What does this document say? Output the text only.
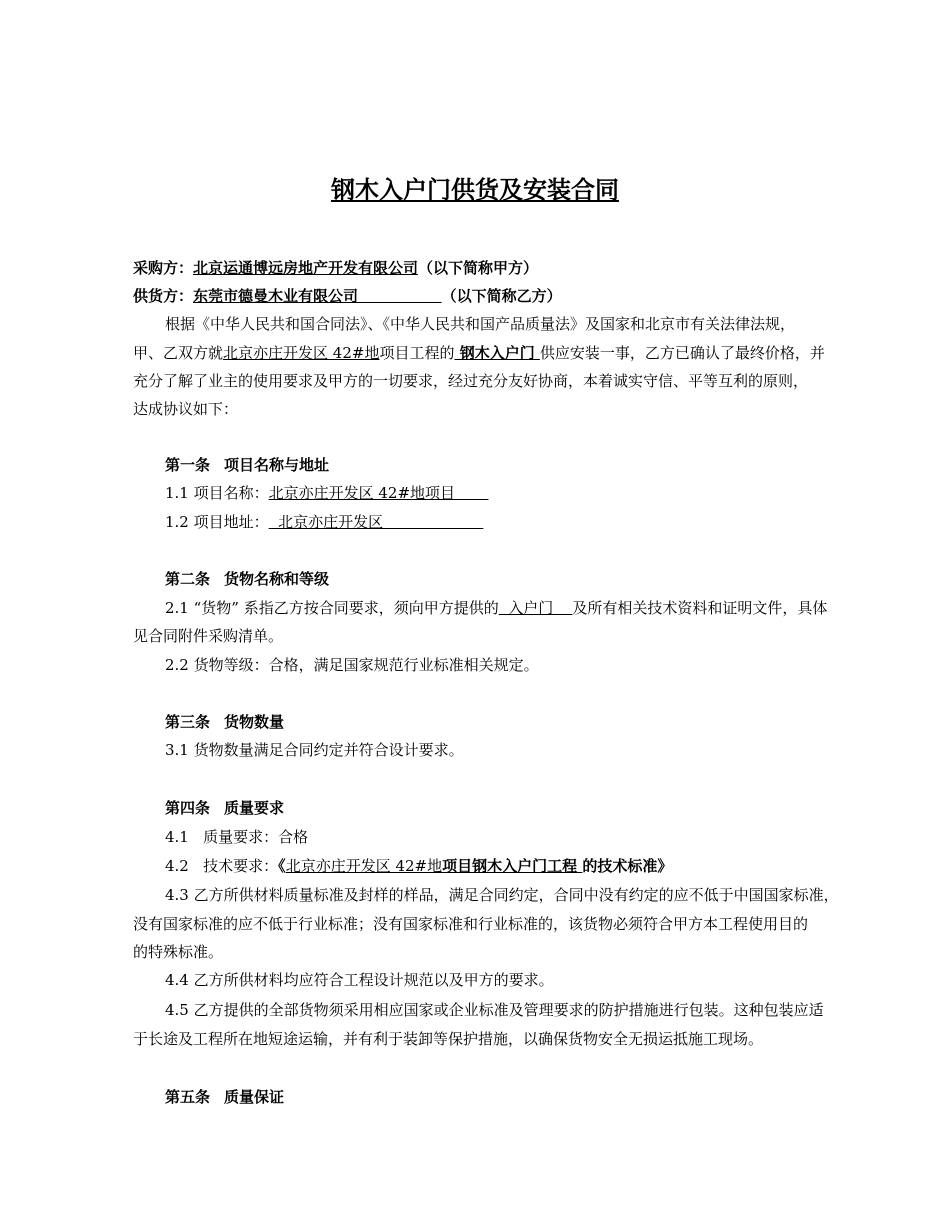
钢木入户门供货及安装合同
采购方：北京运通博远房地产开发有限公司（以下简称甲方）
供货方：东莞市德曼木业有限公司	（以下简称乙方）
根据《中华人民共和国合同法》、《中华人民共和国产品质量法》及国家和北京市有关法律法规，
甲、乙双方就北京亦庄开发区 42#地项目工程的 钢木入户门 供应安装一事，乙方已确认了最终价格，并
充分了解了业主的使用要求及甲方的一切要求，经过充分友好协商，本着诚实守信、平等互利的原则，
达成协议如下：
第一条 项目名称与地址
1.1 项目名称：北京亦庄开发区 42#地项目
1.2 项目地址：  北京亦庄开发区
第二条 货物名称和等级
2.1 “货物” 系指乙方按合同要求，须向甲方提供的  入户门    及所有相关技术资料和证明文件，具体
见合同附件采购清单。
2.2 货物等级：合格，满足国家规范行业标准相关规定。
第三条 货物数量
3.1 货物数量满足合同约定并符合设计要求。
第四条 质量要求
4.1   质量要求：合格
4.2   技术要求：《北京亦庄开发区 42#地项目钢木入户门工程 的技术标准》
4.3 乙方所供材料质量标准及封样的样品，满足合同约定，合同中没有约定的应不低于中国国家标准，
没有国家标准的应不低于行业标准；没有国家标准和行业标准的，该货物必须符合甲方本工程使用目的
的特殊标准。
4.4 乙方所供材料均应符合工程设计规范以及甲方的要求。
4.5 乙方提供的全部货物须采用相应国家或企业标准及管理要求的防护措施进行包装。这种包装应适
于长途及工程所在地短途运输，并有利于装卸等保护措施，以确保货物安全无损运抵施工现场。
第五条 质量保证
